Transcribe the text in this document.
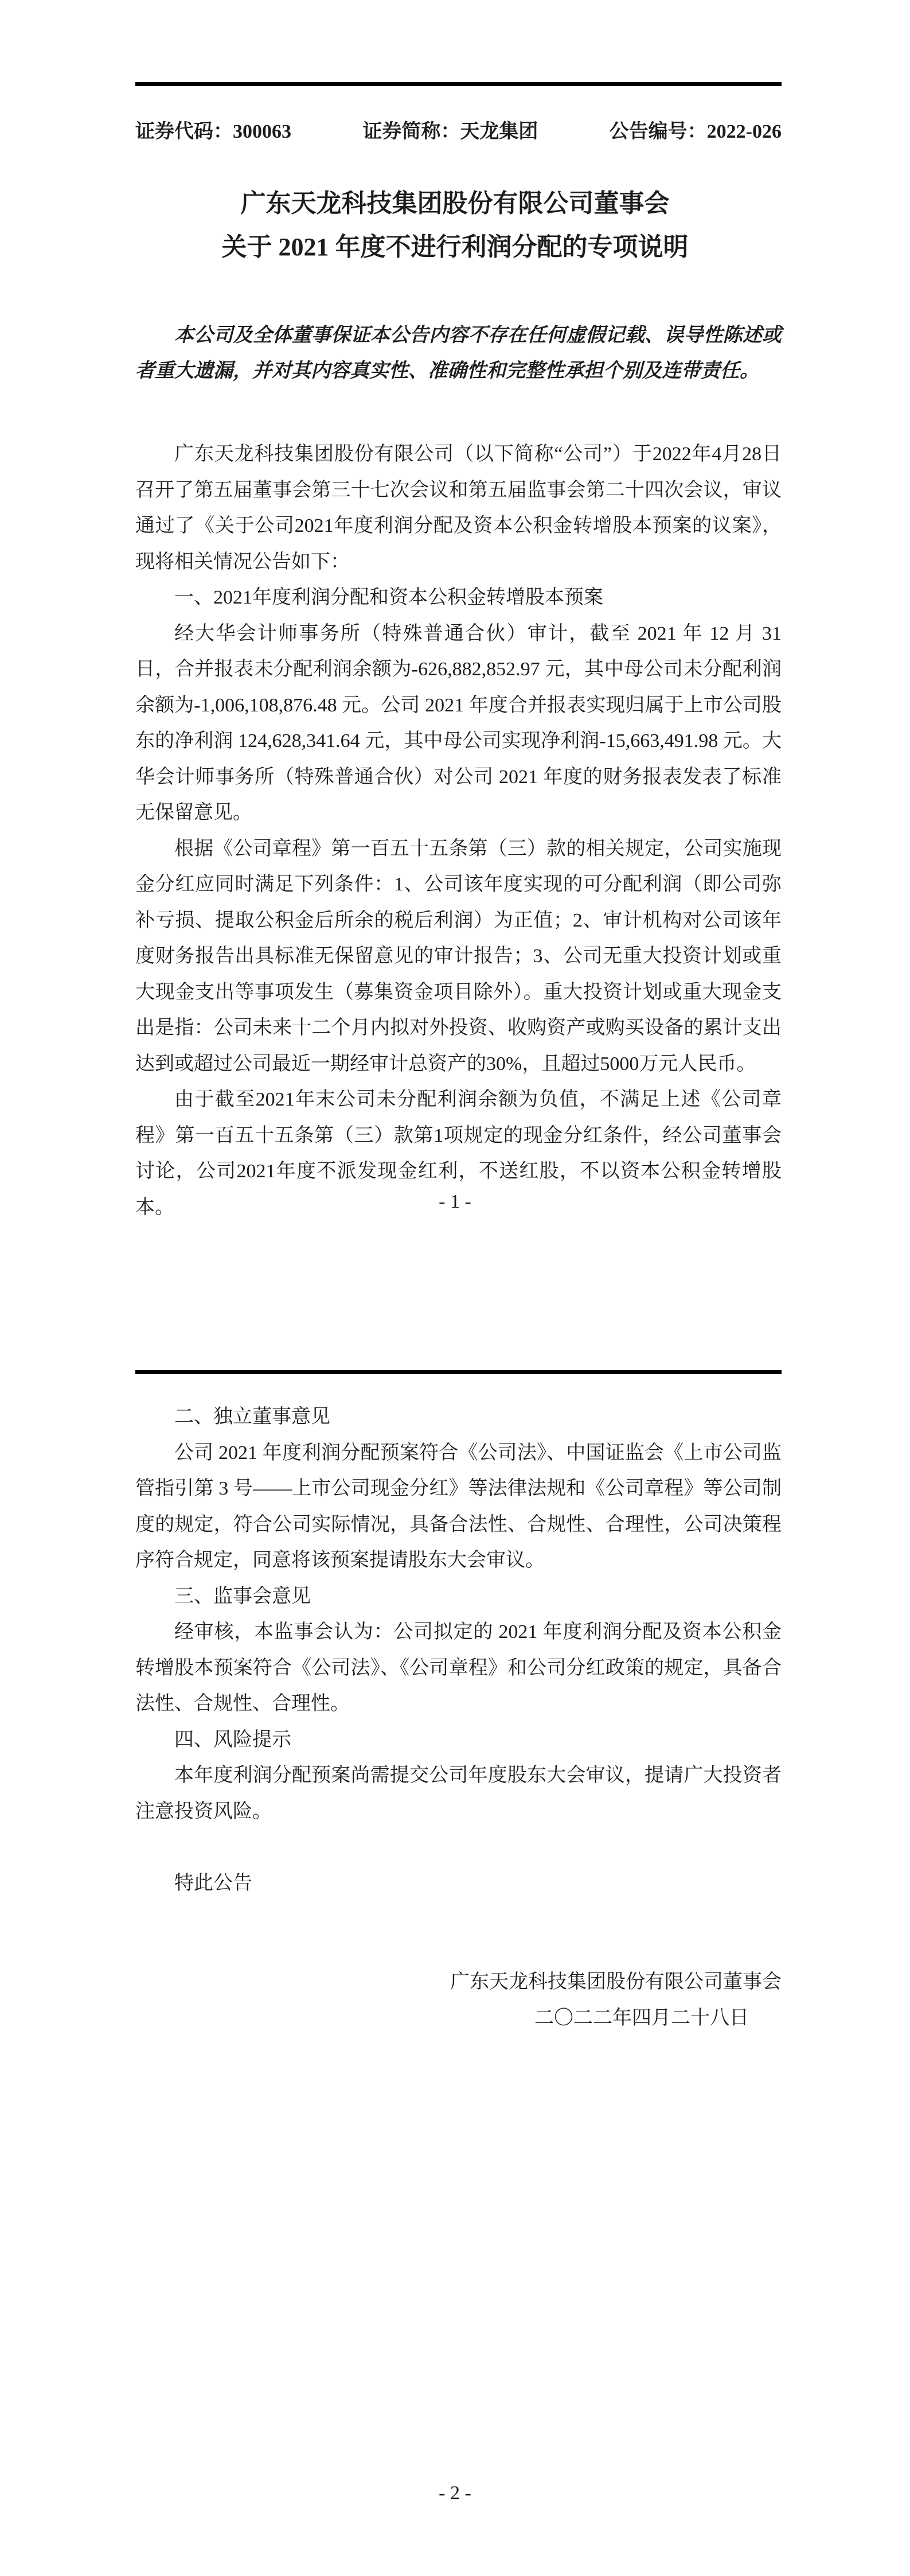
证券代码：300063	证券简称：天龙集团	公告编号：2022-026
广东天龙科技集团股份有限公司董事会
关于 2021 年度不进行利润分配的专项说明
本公司及全体董事保证本公告内容不存在任何虚假记载、误导性陈述或者重大遗漏，并对其内容真实性、准确性和完整性承担个别及连带责任。

广东天龙科技集团股份有限公司（以下简称“公司”）于2022年4月28日召开了第五届董事会第三十七次会议和第五届监事会第二十四次会议，审议通过了《关于公司2021年度利润分配及资本公积金转增股本预案的议案》，现将相关情况公告如下：

一、2021年度利润分配和资本公积金转增股本预案

经大华会计师事务所（特殊普通合伙）审计，截至 2021 年 12 月 31 日，合并报表未分配利润余额为-626,882,852.97 元，其中母公司未分配利润余额为-1,006,108,876.48 元。公司 2021 年度合并报表实现归属于上市公司股东的净利润 124,628,341.64 元，其中母公司实现净利润-15,663,491.98 元。大华会计师事务所（特殊普通合伙）对公司 2021 年度的财务报表发表了标准无保留意见。

根据《公司章程》第一百五十五条第（三）款的相关规定，公司实施现金分红应同时满足下列条件：1、公司该年度实现的可分配利润（即公司弥补亏损、提取公积金后所余的税后利润）为正值；2、审计机构对公司该年度财务报告出具标准无保留意见的审计报告；3、公司无重大投资计划或重大现金支出等事项发生（募集资金项目除外）。重大投资计划或重大现金支出是指：公司未来十二个月内拟对外投资、收购资产或购买设备的累计支出达到或超过公司最近一期经审计总资产的30%，且超过5000万元人民币。

由于截至2021年末公司未分配利润余额为负值，不满足上述《公司章程》第一百五十五条第（三）款第1项规定的现金分红条件，经公司董事会讨论，公司2021年度不派发现金红利，不送红股，不以资本公积金转增股本。	- 1 -

二、独立董事意见

公司 2021 年度利润分配预案符合《公司法》、中国证监会《上市公司监管指引第 3 号——上市公司现金分红》等法律法规和《公司章程》等公司制度的规定，符合公司实际情况，具备合法性、合规性、合理性，公司决策程序符合规定，同意将该预案提请股东大会审议。

三、监事会意见

经审核，本监事会认为：公司拟定的 2021 年度利润分配及资本公积金转增股本预案符合《公司法》、《公司章程》和公司分红政策的规定，具备合法性、合规性、合理性。

四、风险提示

本年度利润分配预案尚需提交公司年度股东大会审议，提请广大投资者注意投资风险。

特此公告

广东天龙科技集团股份有限公司董事会
二〇二二年四月二十八日
- 2 -
